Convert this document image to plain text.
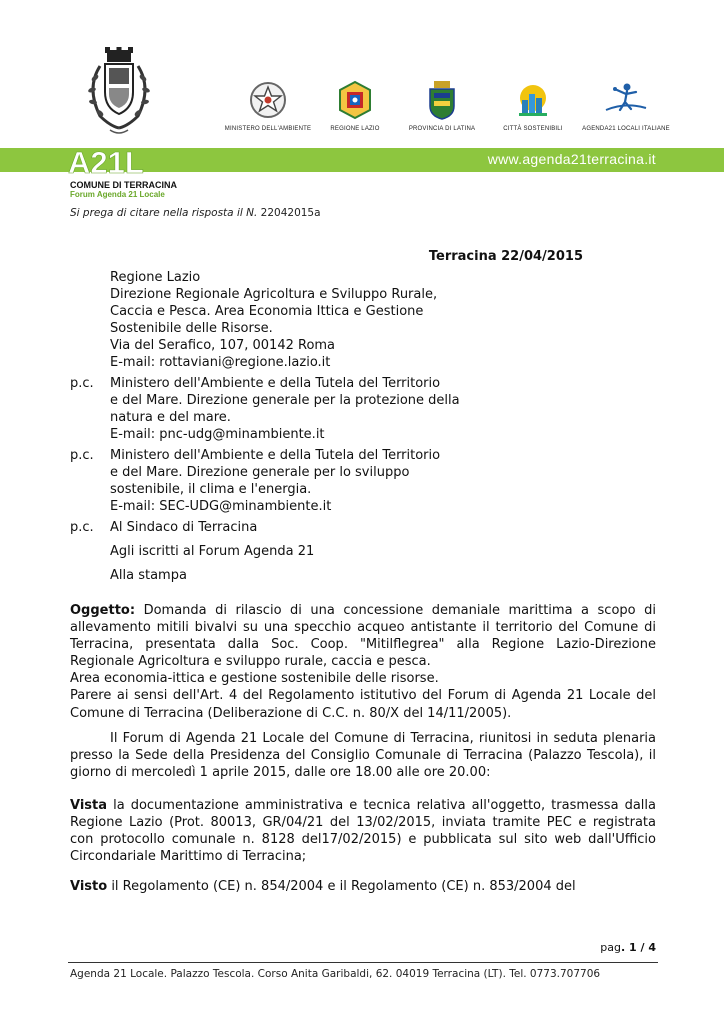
MINISTERO DELL'AMBIENTE	REGIONE LAZIO	PROVINCIA DI LATINA	CITTÀ SOSTENIBILI	AGENDA21 LOCALI ITALIANE
A21L	www.agenda21terracina.it
COMUNE DI TERRACINA
Forum Agenda 21 Locale
Si prega di citare nella risposta il N. 22042015a
Terracina 22/04/2015
Regione Lazio
Direzione Regionale Agricoltura e Sviluppo Rurale,
Caccia e Pesca. Area Economia Ittica e Gestione
Sostenibile delle Risorse.
Via del Serafico, 107, 00142 Roma
E-mail: rottaviani@regione.lazio.it
p.c. Ministero dell'Ambiente e della Tutela del Territorio
e del Mare. Direzione generale per la protezione della
natura e del mare.
E-mail: pnc-udg@minambiente.it
p.c. Ministero dell'Ambiente e della Tutela del Territorio
e del Mare. Direzione generale per lo sviluppo
sostenibile, il clima e l'energia.
E-mail: SEC-UDG@minambiente.it
p.c. Al Sindaco di Terracina
Agli iscritti al Forum Agenda 21
Alla stampa
Oggetto: Domanda di rilascio di una concessione demaniale marittima a scopo di allevamento mitili bivalvi su una specchio acqueo antistante il territorio del Comune di Terracina, presentata dalla Soc. Coop. "Mitilflegrea" alla Regione Lazio-Direzione Regionale Agricoltura e sviluppo rurale, caccia e pesca.
Area economia-ittica e gestione sostenibile delle risorse.
Parere ai sensi dell'Art. 4 del Regolamento istitutivo del Forum di Agenda 21 Locale del Comune di Terracina (Deliberazione di C.C. n. 80/X del 14/11/2005).
Il Forum di Agenda 21 Locale del Comune di Terracina, riunitosi in seduta plenaria presso la Sede della Presidenza del Consiglio Comunale di Terracina (Palazzo Tescola), il giorno di mercoledì 1 aprile 2015, dalle ore 18.00 alle ore 20.00:
Vista la documentazione amministrativa e tecnica relativa all'oggetto, trasmessa dalla Regione Lazio (Prot. 80013, GR/04/21 del 13/02/2015, inviata tramite PEC e registrata con protocollo comunale n. 8128 del17/02/2015) e pubblicata sul sito web dall'Ufficio Circondariale Marittimo di Terracina;
Visto il Regolamento (CE) n. 854/2004 e il Regolamento (CE) n. 853/2004 del
pag. 1 / 4
Agenda 21 Locale. Palazzo Tescola. Corso Anita Garibaldi, 62. 04019 Terracina (LT). Tel. 0773.707706
